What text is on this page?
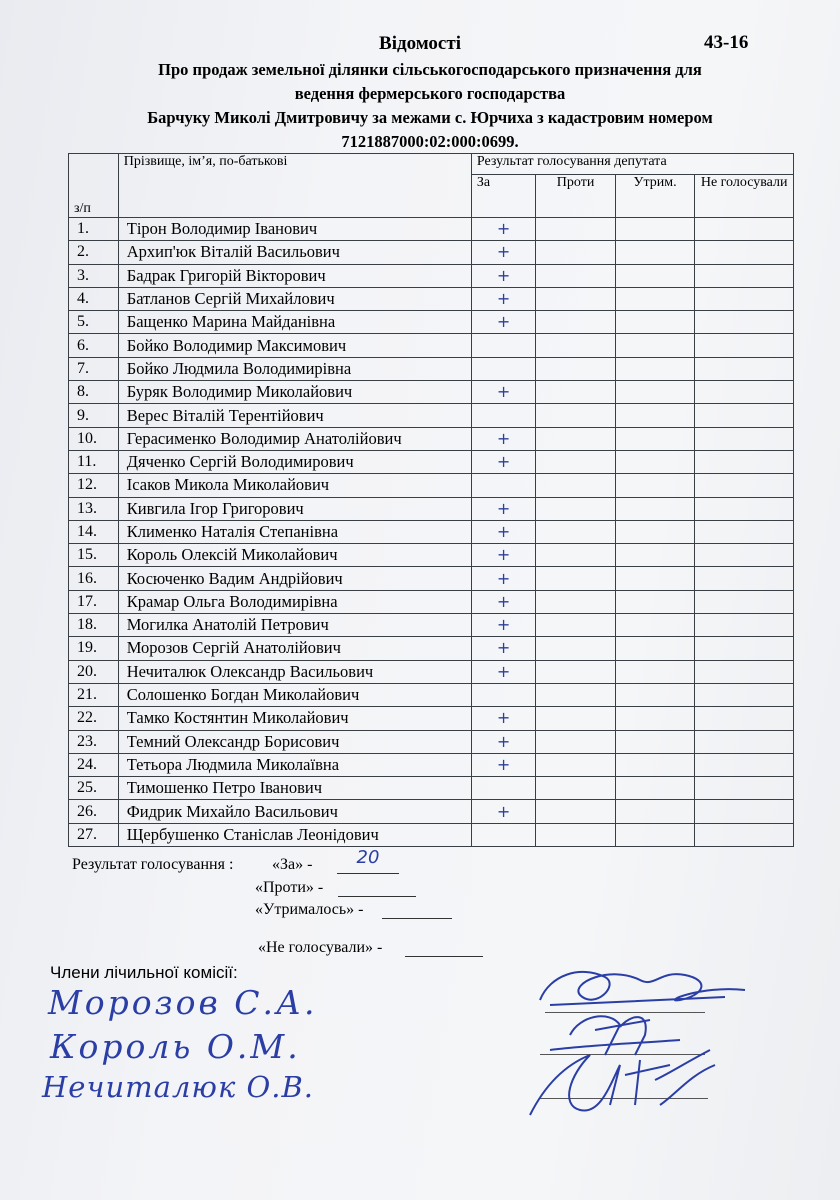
43-16
Відомості
Про продаж земельної ділянки сільськогосподарського призначення для
ведення фермерського господарства
Барчуку Миколі Дмитровичу за межами с. Юрчиха з кадастровим номером
7121887000:02:000:0699.
з/п	Прізвище, ім’я, по-батькові	Результат голосування депутата			
		За	Проти	Утрим.	Не голосували
1.	Тірон Володимир Іванович	+			
2.	Архип'юк Віталій Васильович	+			
3.	Бадрак Григорій Вікторович	+			
4.	Батланов Сергій Михайлович	+			
5.	Бащенко Марина Майданівна	+			
6.	Бойко Володимир Максимович				
7.	Бойко Людмила Володимирівна				
8.	Буряк Володимир Миколайович	+			
9.	Верес Віталій Терентійович				
10.	Герасименко Володимир Анатолійович	+			
11.	Дяченко Сергій Володимирович	+			
12.	Ісаков Микола Миколайович				
13.	Кивгила Ігор Григорович	+			
14.	Клименко Наталія Степанівна	+			
15.	Король Олексій Миколайович	+			
16.	Косюченко Вадим Андрійович	+			
17.	Крамар Ольга Володимирівна	+			
18.	Могилка Анатолій Петрович	+			
19.	Морозов Сергій Анатолійович	+			
20.	Нечиталюк Олександр Васильович	+			
21.	Солошенко Богдан Миколайович				
22.	Тамко Костянтин Миколайович	+			
23.	Темний Олександр Борисович	+			
24.	Тетьора Людмила Миколаївна	+			
25.	Тимошенко Петро Іванович				
26.	Фидрик Михайло Васильович	+			
27.	Щербушенко Станіслав Леонідович				
Результат голосування : «За» -	20
«Проти» -
«Утрималось» -
«Не голосували» -
Члени лічильної комісії:
Морозов С.А.
Король О.М.
Нечиталюк О.В.
